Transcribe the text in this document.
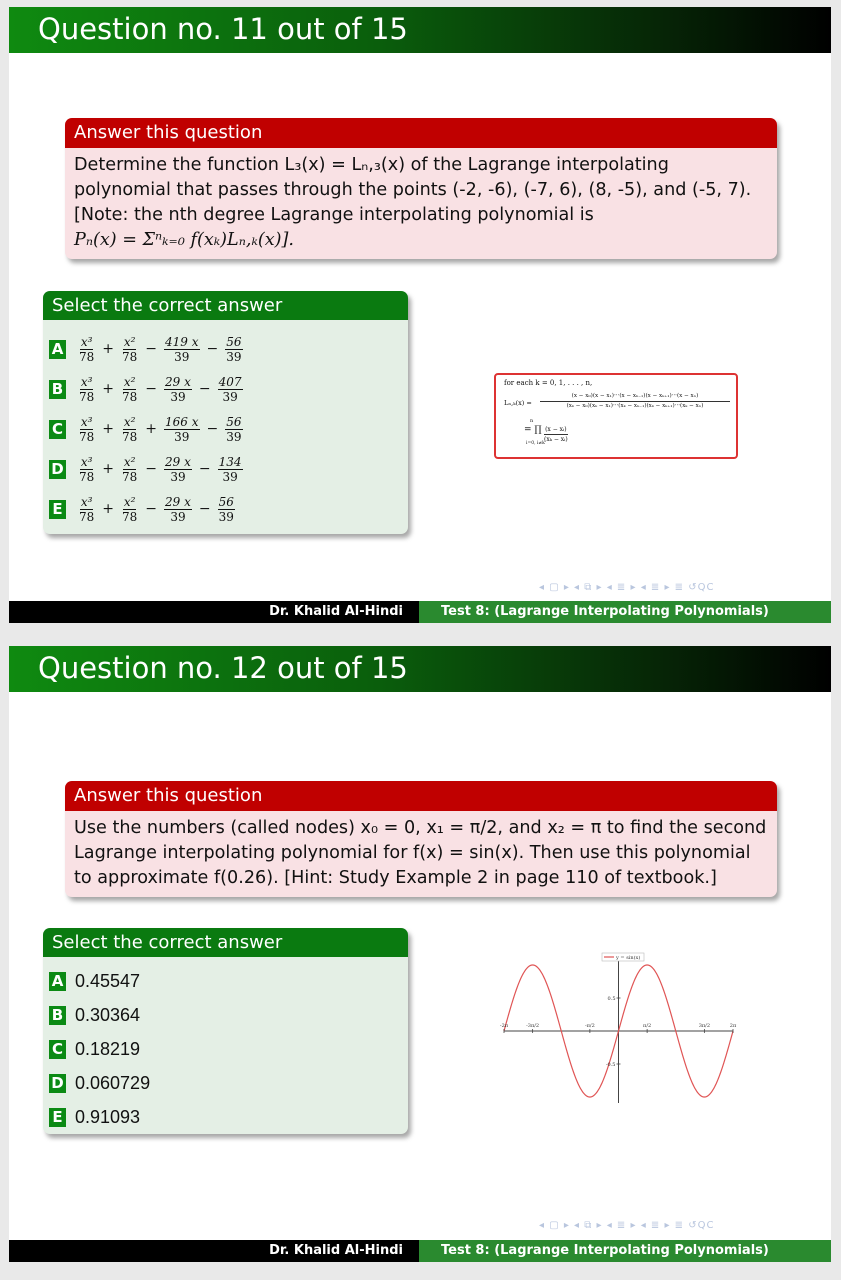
Question no. 11 out of 15
Answer this question
Determine the function L₃(x) = Lₙ,₃(x) of the Lagrange interpolating
polynomial that passes through the points (-2, -6), (-7, 6), (8, -5), and (-5, 7).
[Note: the nth degree Lagrange interpolating polynomial is
Pₙ(x) = Σⁿₖ₌₀ f(xₖ)Lₙ,ₖ(x)].
Select the correct answer
A $\frac{\text{x³}}{78} + \frac{\text{x²}}{78} - \frac{419 x}{39} - \frac{56}{39}$
B $\frac{\text{x³}}{78} + \frac{\text{x²}}{78} - \frac{29 x}{39} - \frac{407}{39}$
C $\frac{\text{x³}}{78} + \frac{\text{x²}}{78} + \frac{166 x}{39} - \frac{56}{39}$
D $\frac{\text{x³}}{78} + \frac{\text{x²}}{78} - \frac{29 x}{39} - \frac{134}{39}$
E $\frac{\text{x³}}{78} + \frac{\text{x²}}{78} - \frac{29 x}{39} - \frac{56}{39}$
for each k = 0, 1, . . . , n,
$L_n,_k(x) = \frac{\text{(x − x₀)(x − x₁)···(x − xₖ₋₁)(x − xₖ₊₁)···(x − xₙ)}}{\text{(xₖ − x₀)(xₖ − x₁)···(xₖ − xₖ₋₁)(xₖ − xₖ₊₁)···(xₖ − xₙ)}}$
n
= ∏
i=0, $i\ne k \frac{\text{(x − xᵢ)}}{\text{(xₖ − xᵢ)}}$
◂ ▢ ▸ ◂ ⧉ ▸ ◂ ≣ ▸ ◂ ≣ ▸ ≣ ↺QC
Dr. Khalid Al-Hindi	Test 8: (Lagrange Interpolating Polynomials)
Question no. 12 out of 15
Answer this question
Use the numbers (called nodes) x₀ = 0, x₁ = π/2, and x₂ = π to find the second
Lagrange interpolating polynomial for f(x) = sin(x). Then use this polynomial
to approximate f(0.26). [Hint: Study Example 2 in page 110 of textbook.]
Select the correct answer
A 0.45547
B 0.30364
C 0.18219
D 0.060729
E 0.91093
-2π	-3π/2	-π/2	π/2	3π/2	2π
0.5
-0.5
y = sin(x)
◂ ▢ ▸ ◂ ⧉ ▸ ◂ ≣ ▸ ◂ ≣ ▸ ≣ ↺QC
Dr. Khalid Al-Hindi	Test 8: (Lagrange Interpolating Polynomials)
